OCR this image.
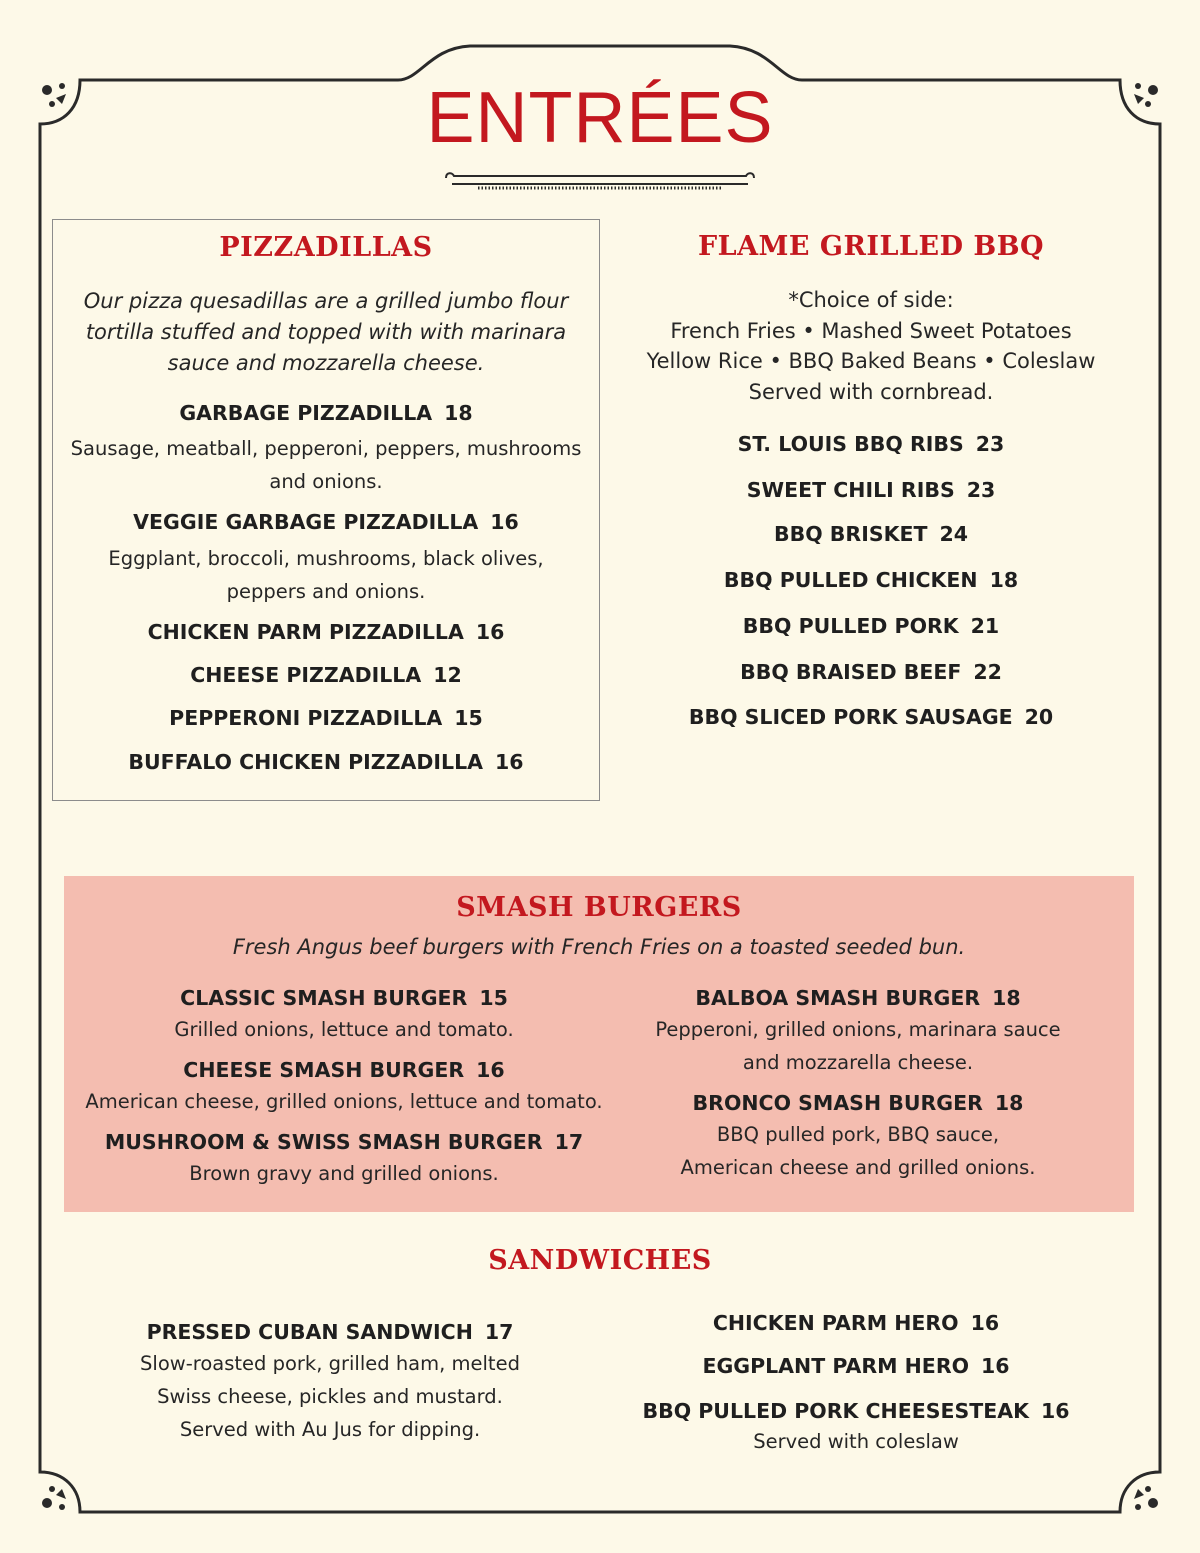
ENTRÉES
PIZZADILLAS

Our pizza quesadillas are a grilled jumbo flour tortilla stuffed and topped with with marinara sauce and mozzarella cheese.

GARBAGE PIZZADILLA 18

Sausage, meatball, pepperoni, peppers, mushrooms and onions.

VEGGIE GARBAGE PIZZADILLA 16

Eggplant, broccoli, mushrooms, black olives, peppers and onions.

CHICKEN PARM PIZZADILLA 16

CHEESE PIZZADILLA 12

PEPPERONI PIZZADILLA 15

BUFFALO CHICKEN PIZZADILLA 16

FLAME GRILLED BBQ

*Choice of side:
French Fries • Mashed Sweet Potatoes
Yellow Rice • BBQ Baked Beans • Coleslaw
Served with cornbread.

ST. LOUIS BBQ RIBS 23

SWEET CHILI RIBS 23

BBQ BRISKET 24

BBQ PULLED CHICKEN 18

BBQ PULLED PORK 21

BBQ BRAISED BEEF 22

BBQ SLICED PORK SAUSAGE 20

SMASH BURGERS

Fresh Angus beef burgers with French Fries on a toasted seeded bun.

CLASSIC SMASH BURGER 15

Grilled onions, lettuce and tomato.

CHEESE SMASH BURGER 16

American cheese, grilled onions, lettuce and tomato.

MUSHROOM & SWISS SMASH BURGER 17

Brown gravy and grilled onions.

BALBOA SMASH BURGER 18

Pepperoni, grilled onions, marinara sauce
and mozzarella cheese.

BRONCO SMASH BURGER 18

BBQ pulled pork, BBQ sauce,
American cheese and grilled onions.

SANDWICHES

PRESSED CUBAN SANDWICH 17

Slow-roasted pork, grilled ham, melted
Swiss cheese, pickles and mustard.
Served with Au Jus for dipping.

CHICKEN PARM HERO 16

EGGPLANT PARM HERO 16

BBQ PULLED PORK CHEESESTEAK 16

Served with coleslaw
